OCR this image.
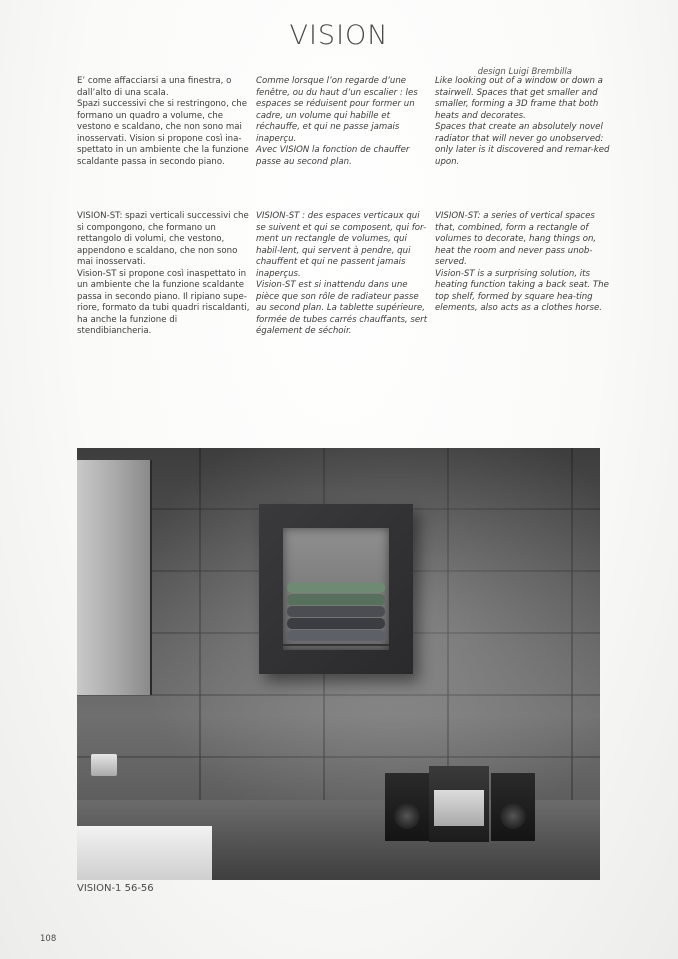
VISION
design Luigi Brembilla

E’ come affacciarsi a una finestra, o dall’alto di una scala.

Spazi successivi che si restringono, che formano un quadro a volume, che vestono e scaldano, che non sono mai inosservati. Vision si propone così ina-spettato in un ambiente che la funzione scaldante passa in secondo piano.

Comme lorsque l’on regarde d’une fenêtre, ou du haut d’un escalier : les espaces se réduisent pour former un cadre, un volume qui habille et réchauffe, et qui ne passe jamais inaperçu.

Avec VISION la fonction de chauffer passe au second plan.

Like looking out of a window or down a stairwell. Spaces that get smaller and smaller, forming a 3D frame that both heats and decorates.

Spaces that create an absolutely novel radiator that will never go unobserved: only later is it discovered and remar-ked upon.

VISION-ST: spazi verticali successivi che si compongono, che formano un rettangolo di volumi, che vestono, appendono e scaldano, che non sono mai inosservati.

Vision-ST si propone così inaspettato in un ambiente che la funzione scaldante passa in secondo piano. Il ripiano supe-riore, formato da tubi quadri riscaldanti, ha anche la funzione di stendibiancheria.

VISION-ST : des espaces verticaux qui se suivent et qui se composent, qui for-ment un rectangle de volumes, qui habil-lent, qui servent à pendre, qui chauffent et qui ne passent jamais inaperçus.

Vision-ST est si inattendu dans une pièce que son rôle de radiateur passe au second plan. La tablette supérieure, formée de tubes carrés chauffants, sert également de séchoir.

VISION-ST: a series of vertical spaces that, combined, form a rectangle of volumes to decorate, hang things on, heat the room and never pass unob-served.

Vision-ST is a surprising solution, its heating function taking a back seat. The top shelf, formed by square hea-ting elements, also acts as a clothes horse.

VISION-1 56-56

108
